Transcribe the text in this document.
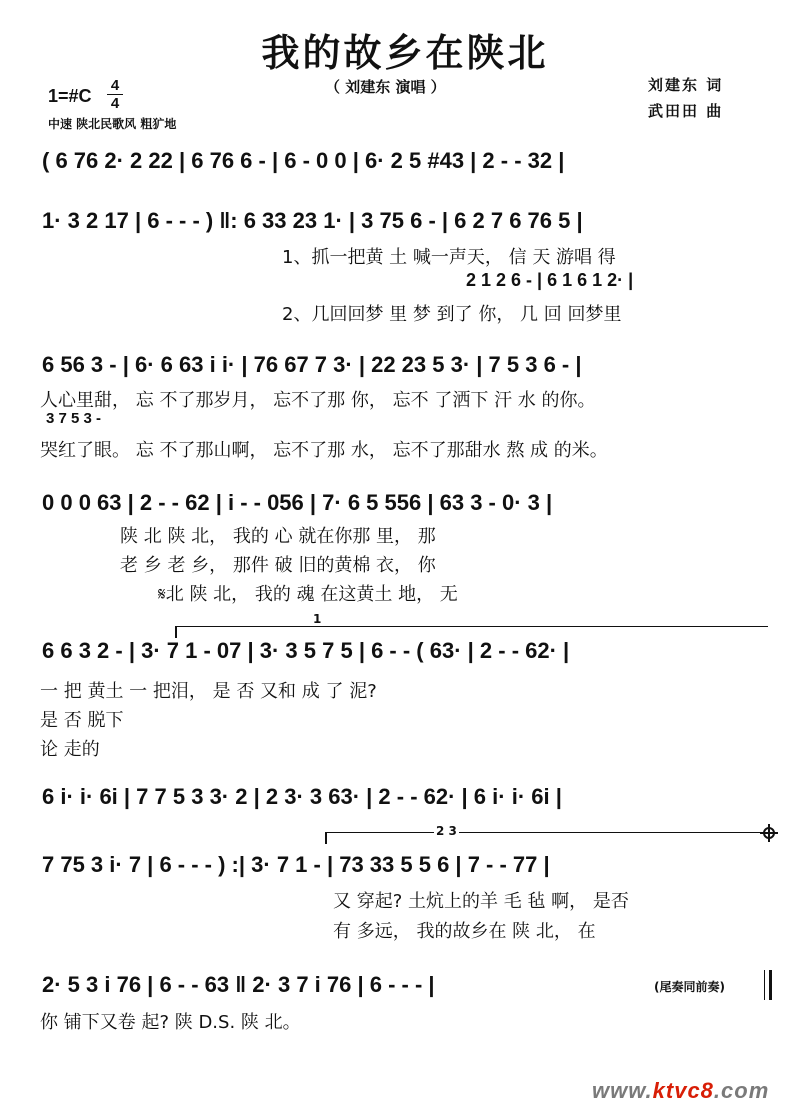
我的故乡在陕北
（ 刘建东 演唱 ）
1=#C
4
4
中速 陕北民歌风 粗犷地
刘建东 词
武田田 曲
( 6 76 2· 2 22 | 6 76 6 - | 6 - 0 0 | 6· 2 5 #43 | 2 - - 32 |
1· 3 2 17 | 6 - - - ) ‖: 6 33 23 1· | 3 75 6 - | 6 2 7 6 76 5 |
1、抓一把黄 土 喊一声天， 信 天 游唱 得
2 1 2 6 - | 6 1 6 1 2· |
2、几回回梦 里 梦 到了 你， 几 回 回梦里
6 56 3 - | 6· 6 63 i i· | 76 67 7 3· | 22 23 5 3· | 7 5 3 6 - |
人心里甜， 忘 不了那岁月， 忘不了那 你， 忘不 了洒下 汗 水 的你。
3 7 5 3 -
哭红了眼。 忘 不了那山啊， 忘不了那 水， 忘不了那甜水 熬 成 的米。
0 0 0 63 | 2 - - 62 | i - - 056 | 7· 6 5 556 | 63 3 - 0· 3 |
陕 北 陕 北， 我的 心 就在你那 里， 那
老 乡 老 乡， 那件 破 旧的黄棉 衣， 你
𝄋北 陕 北， 我的 魂 在这黄土 地， 无
1
6 6 3 2 - | 3· 7 1 - 07 | 3· 3 5 7 5 | 6 - - ( 63· | 2 - - 62· |
一 把 黄土 一 把泪， 是 否 又和 成 了 泥?
是 否 脱下
论 走的
6 i· i· 6i | 7 7 5 3 3· 2 | 2 3· 3 63· | 2 - - 62· | 6 i· i· 6i |
2 3
7 75 3 i· 7 | 6 - - - ) :| 3· 7 1 - | 73 33 5 5 6 | 7 - - 77 |
又 穿起? 土炕上的羊 毛 毡 啊， 是否
有 多远， 我的故乡在 陕 北， 在
2· 5 3 i 76 | 6 - - 63 ‖ 2· 3 7 i 76 | 6 - - - |	(尾奏同前奏)
你 铺下又卷 起? 陕 D.S. 陕 北。
www.ktvc8.com
